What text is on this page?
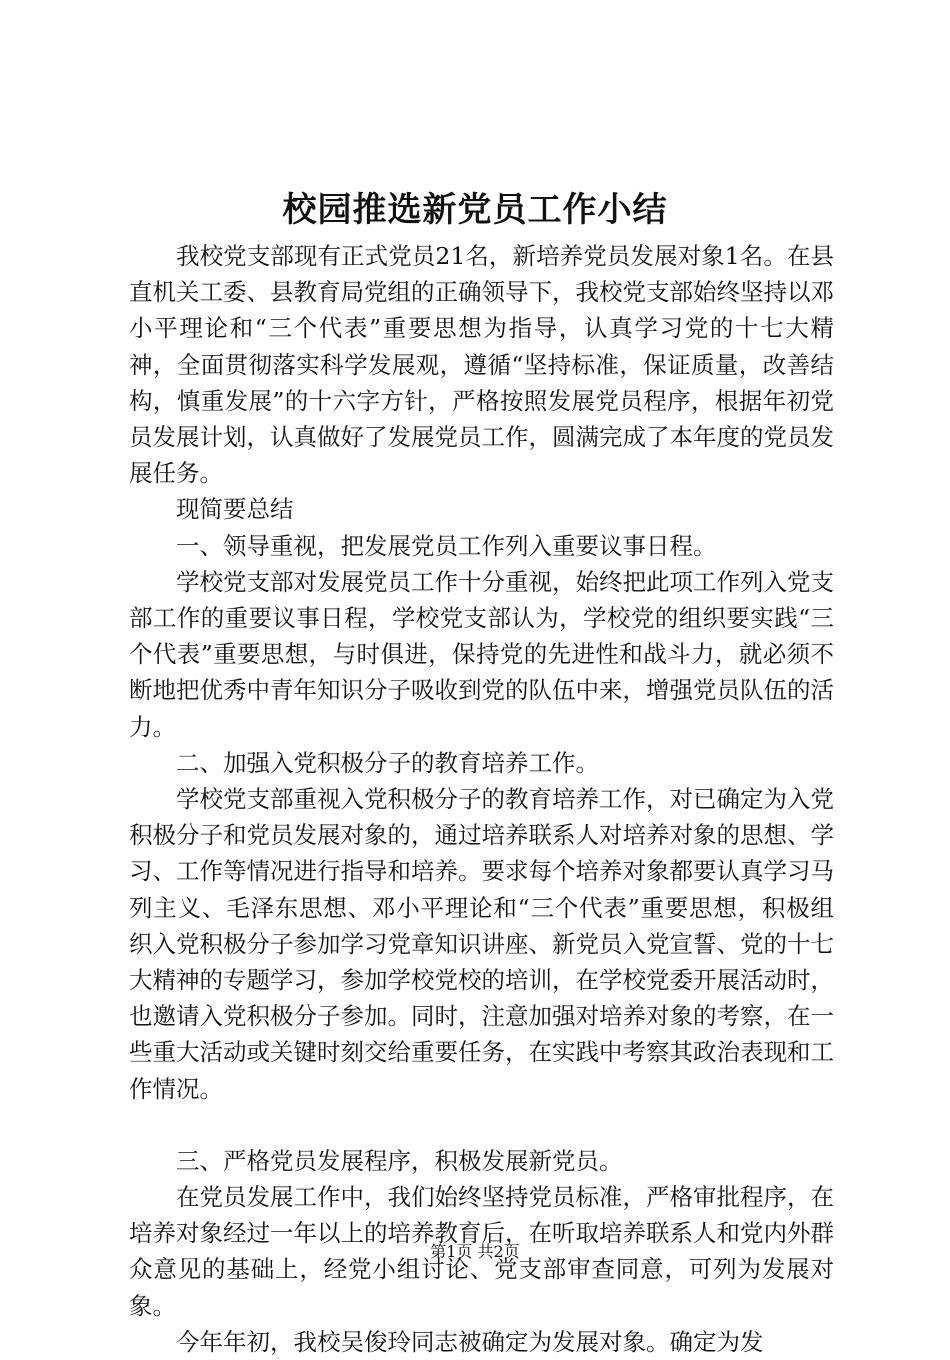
校园推选新党员工作小结

我校党支部现有正式党员21名，新培养党员发展对象1名。在县直机关工委、县教育局党组的正确领导下，我校党支部始终坚持以邓小平理论和“三个代表”重要思想为指导，认真学习党的十七大精神，全面贯彻落实科学发展观，遵循“坚持标准，保证质量，改善结构，慎重发展”的十六字方针，严格按照发展党员程序，根据年初党员发展计划，认真做好了发展党员工作，圆满完成了本年度的党员发展任务。

现简要总结

一、领导重视，把发展党员工作列入重要议事日程。

学校党支部对发展党员工作十分重视，始终把此项工作列入党支部工作的重要议事日程，学校党支部认为，学校党的组织要实践“三个代表”重要思想，与时俱进，保持党的先进性和战斗力，就必须不断地把优秀中青年知识分子吸收到党的队伍中来，增强党员队伍的活力。

二、加强入党积极分子的教育培养工作。

学校党支部重视入党积极分子的教育培养工作，对已确定为入党积极分子和党员发展对象的，通过培养联系人对培养对象的思想、学习、工作等情况进行指导和培养。要求每个培养对象都要认真学习马列主义、毛泽东思想、邓小平理论和“三个代表”重要思想，积极组织入党积极分子参加学习党章知识讲座、新党员入党宣誓、党的十七大精神的专题学习，参加学校党校的培训，在学校党委开展活动时，也邀请入党积极分子参加。同时，注意加强对培养对象的考察，在一些重大活动或关键时刻交给重要任务，在实践中考察其政治表现和工作情况。

三、严格党员发展程序，积极发展新党员。

在党员发展工作中，我们始终坚持党员标准，严格审批程序，在培养对象经过一年以上的培养教育后，在听取培养联系人和党内外群众意见的基础上，经党小组讨论、党支部审查同意，可列为发展对象。

今年年初，我校吴俊玲同志被确定为发展对象。确定为发

第1页 共2页
